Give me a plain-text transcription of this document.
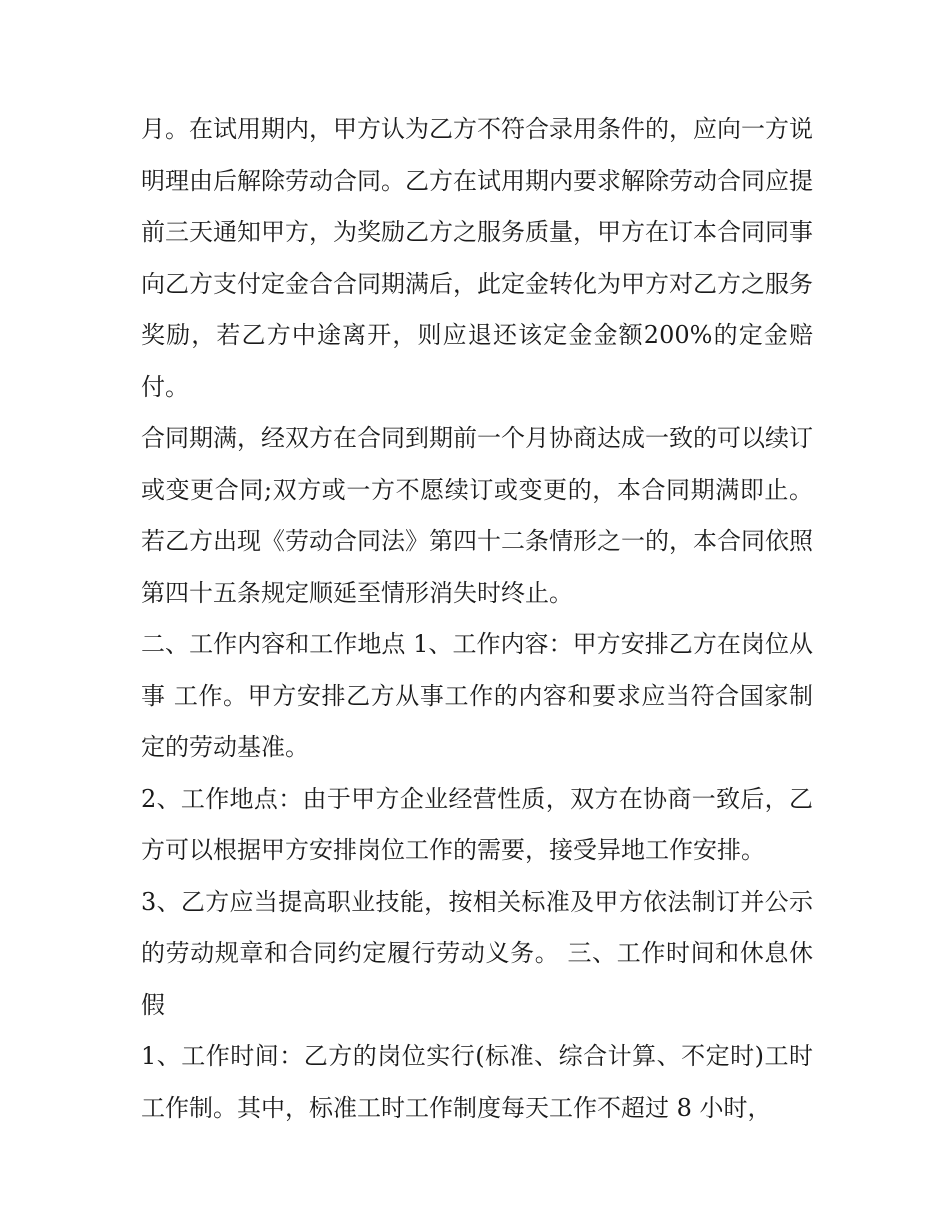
月。在试用期内，甲方认为乙方不符合录用条件的，应向一方说明理由后解除劳动合同。乙方在试用期内要求解除劳动合同应提前三天通知甲方，为奖励乙方之服务质量，甲方在订本合同同事向乙方支付定金合合同期满后，此定金转化为甲方对乙方之服务奖励，若乙方中途离开，则应退还该定金金额200%的定金赔付。

合同期满，经双方在合同到期前一个月协商达成一致的可以续订或变更合同;双方或一方不愿续订或变更的，本合同期满即止。若乙方出现《劳动合同法》第四十二条情形之一的，本合同依照第四十五条规定顺延至情形消失时终止。

二、工作内容和工作地点 1、工作内容：甲方安排乙方在岗位从事 工作。甲方安排乙方从事工作的内容和要求应当符合国家制定的劳动基准。

2、工作地点：由于甲方企业经营性质，双方在协商一致后，乙方可以根据甲方安排岗位工作的需要，接受异地工作安排。

3、乙方应当提高职业技能，按相关标准及甲方依法制订并公示的劳动规章和合同约定履行劳动义务。 三、工作时间和休息休假

1、工作时间：乙方的岗位实行(标准、综合计算、不定时)工时工作制。其中，标准工时工作制度每天工作不超过 8 小时，
